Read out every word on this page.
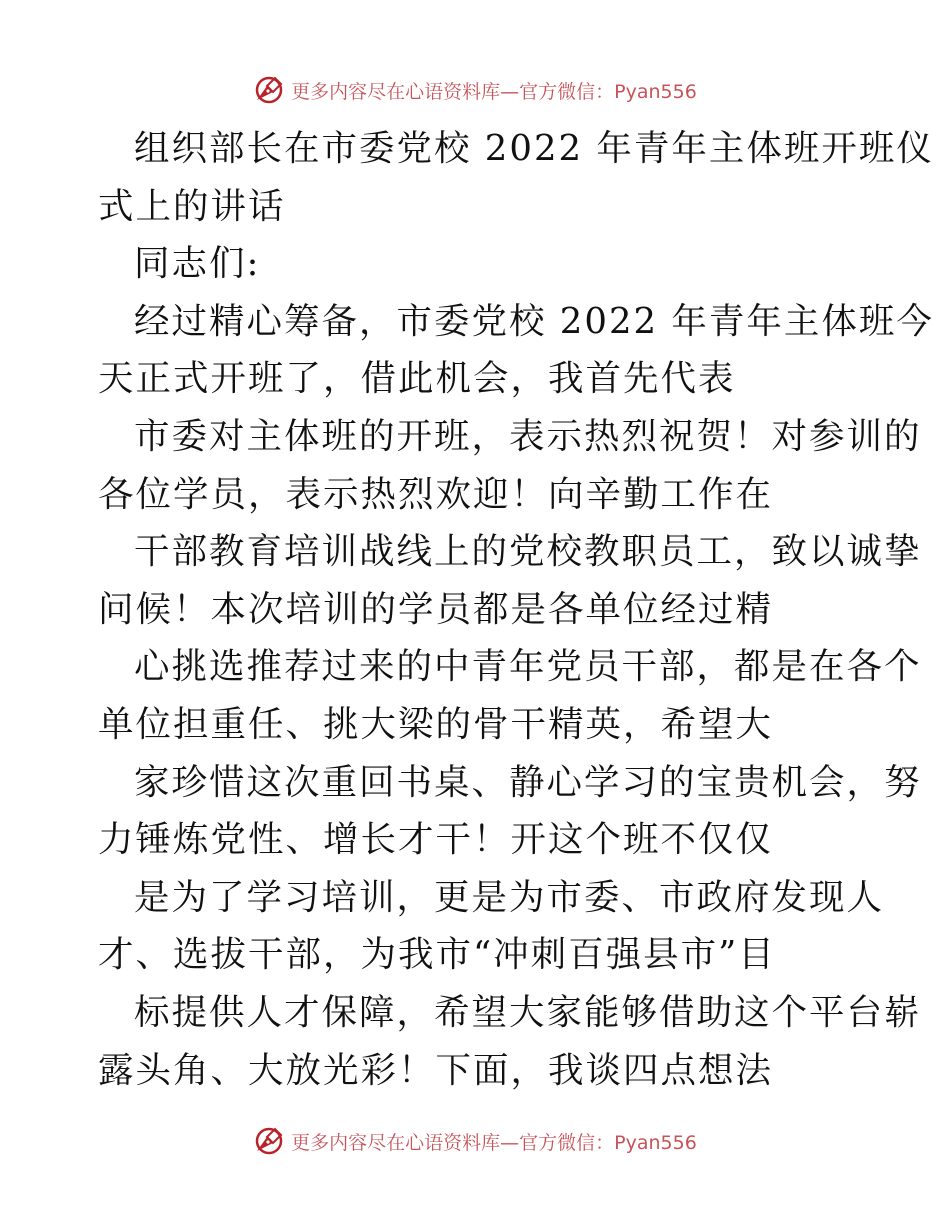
更多内容尽在心语资料库—官方微信：Pyan556
组织部长在市委党校 2022 年青年主体班开班仪
式上的讲话
同志们:
经过精心筹备，市委党校 2022 年青年主体班今
天正式开班了，借此机会，我首先代表
市委对主体班的开班，表示热烈祝贺！对参训的
各位学员，表示热烈欢迎！向辛勤工作在
干部教育培训战线上的党校教职员工，致以诚挚
问候！本次培训的学员都是各单位经过精
心挑选推荐过来的中青年党员干部，都是在各个
单位担重任、挑大梁的骨干精英，希望大
家珍惜这次重回书桌、静心学习的宝贵机会，努
力锤炼党性、增长才干！开这个班不仅仅
是为了学习培训，更是为市委、市政府发现人
才、选拔干部，为我市“冲刺百强县市”目
标提供人才保障，希望大家能够借助这个平台崭
露头角、大放光彩！下面，我谈四点想法
更多内容尽在心语资料库—官方微信：Pyan556
